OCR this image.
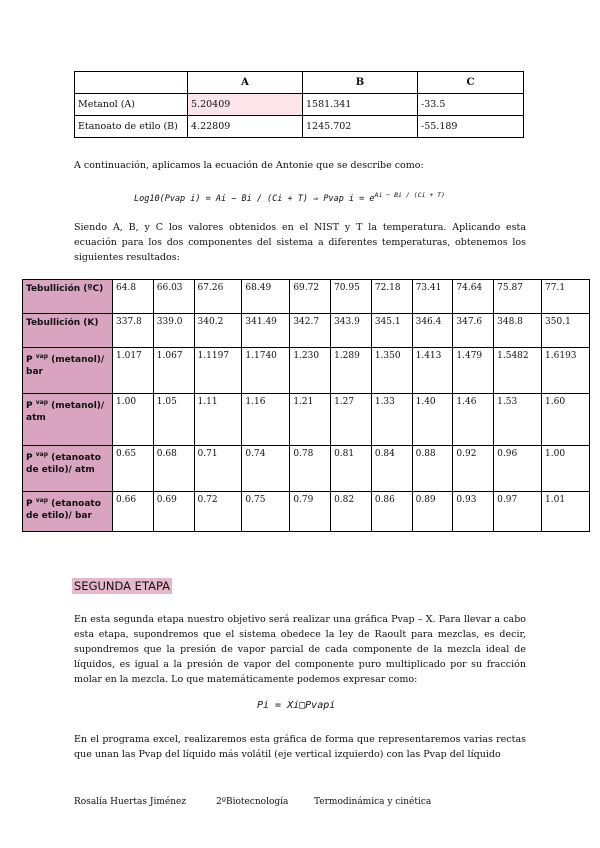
	A	B	C
Metanol (A)	5.20409	1581.341	-33.5
Etanoato de etilo (B)	4.22809	1245.702	-55.189
A continuación, aplicamos la ecuación de Antonie que se describe como:
Log10(Pvap i) = Ai − Bi / (Ci + T) ⇒ Pvap $i = e^{Ai - Bi / (Ci + T)}$
Siendo A, B, y C los valores obtenidos en el NIST y T la temperatura. Aplicando esta ecuación para los dos componentes del sistema a diferentes temperaturas, obtenemos los siguientes resultados:
Tebullición (ºC)	64.8	66.03	67.26	68.49	69.72	70.95	72.18	73.41	74.64	75.87	77.1
Tebullición (K)	337.8	339.0	340.2	341.49	342.7	343.9	345.1	346.4	347.6	348.8	350.1
P $^{vap}$ (metanol)/ bar	1.017	1.067	1.1197	1.1740	1.230	1.289	1.350	1.413	1.479	1.5482	1.6193
P $^{vap}$ (metanol)/ atm	1.00	1.05	1.11	1.16	1.21	1.27	1.33	1.40	1.46	1.53	1.60
P $^{vap}$ (etanoato de etilo)/ atm	0.65	0.68	0.71	0.74	0.78	0.81	0.84	0.88	0.92	0.96	1.00
P $^{vap}$ (etanoato de etilo)/ bar	0.66	0.69	0.72	0.75	0.79	0.82	0.86	0.89	0.93	0.97	1.01
SEGUNDA ETAPA
En esta segunda etapa nuestro objetivo será realizar una gráfica Pvap – X. Para llevar a cabo esta etapa, supondremos que el sistema obedece la ley de Raoult para mezclas, es decir, supondremos que la presión de vapor parcial de cada componente de la mezcla ideal de líquidos, es igual a la presión de vapor del componente puro multiplicado por su fracción molar en la mezcla. Lo que matemáticamente podemos expresar como:
Pi = Xi□Pvapi
En el programa excel, realizaremos esta gráfica de forma que representaremos varias rectas que unan las Pvap del líquido más volátil (eje vertical izquierdo) con las Pvap del líquido
Rosalía Huertas Jiménez	2ºBiotecnología	Termodinámica y cinética
